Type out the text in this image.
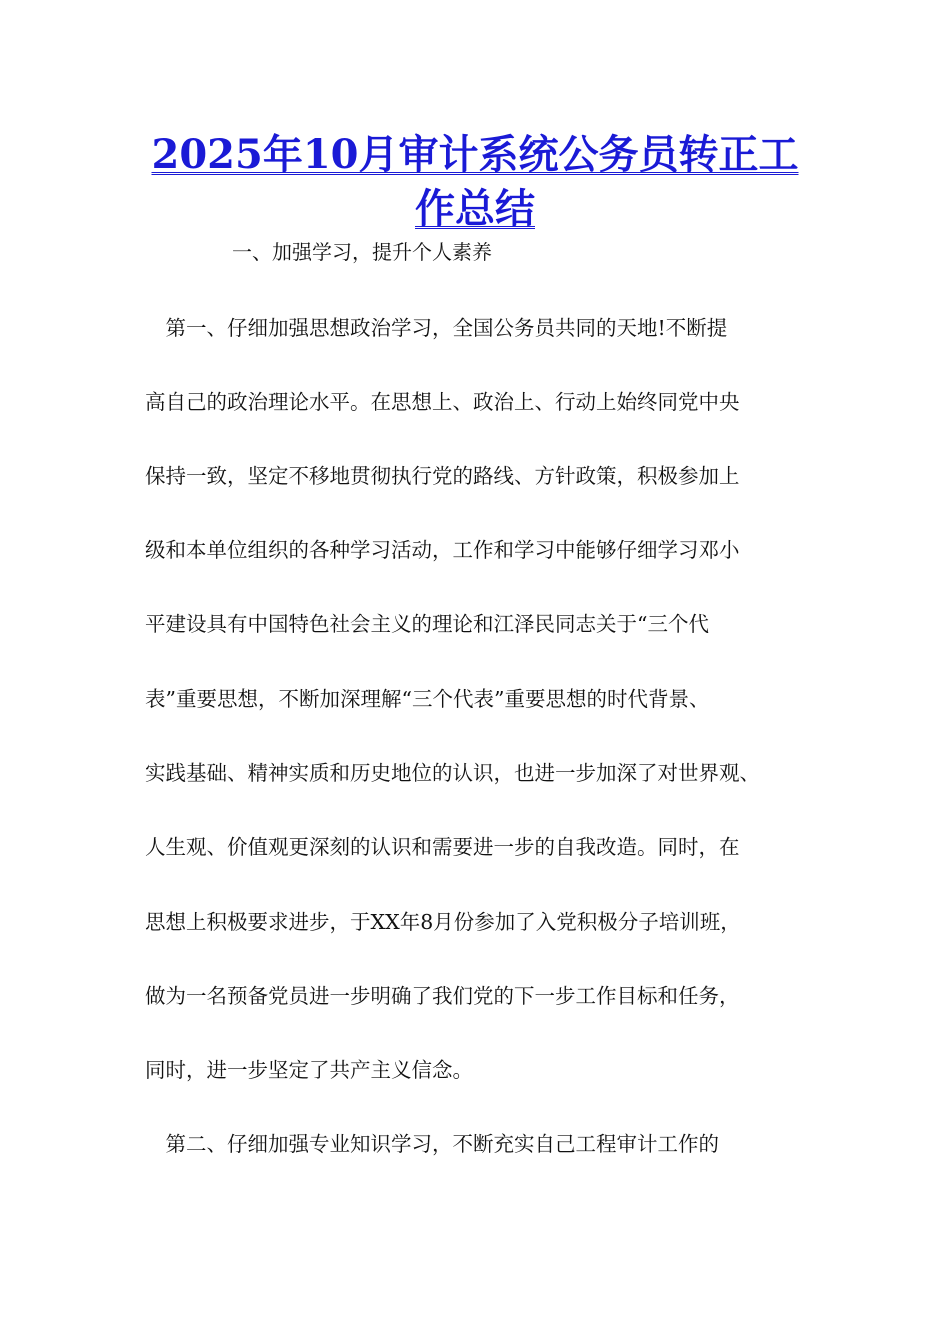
2025年10月审计系统公务员转正工
作总结

一、加强学习，提升个人素养

　第一、仔细加强思想政治学习，全国公务员共同的天地!不断提

高自己的政治理论水平。在思想上、政治上、行动上始终同党中央

保持一致，坚定不移地贯彻执行党的路线、方针政策，积极参加上

级和本单位组织的各种学习活动，工作和学习中能够仔细学习邓小

平建设具有中国特色社会主义的理论和江泽民同志关于“三个代

表”重要思想，不断加深理解“三个代表”重要思想的时代背景、

实践基础、精神实质和历史地位的认识，也进一步加深了对世界观、

人生观、价值观更深刻的认识和需要进一步的自我改造。同时，在

思想上积极要求进步，于XX年8月份参加了入党积极分子培训班，

做为一名预备党员进一步明确了我们党的下一步工作目标和任务，

同时，进一步坚定了共产主义信念。

　第二、仔细加强专业知识学习，不断充实自己工程审计工作的
